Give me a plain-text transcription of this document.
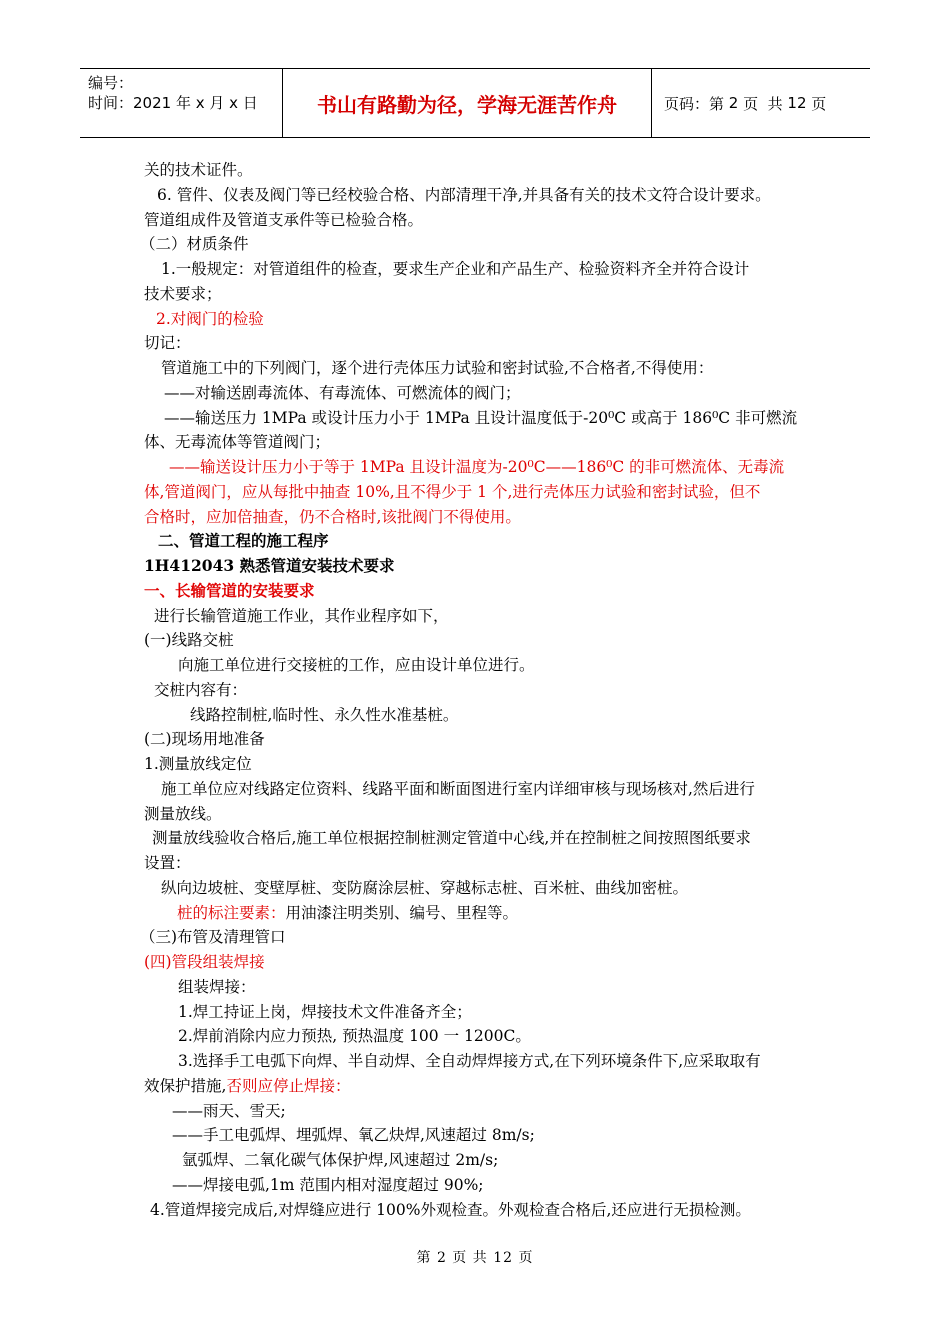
编号：
时间：2021 年 x 月 x 日	书山有路勤为径，学海无涯苦作舟	页码：第 2 页  共 12 页
关的技术证件。
6. 管件、仪表及阀门等已经校验合格、内部清理干净,并具备有关的技术文符合设计要求。
管道组成件及管道支承件等已检验合格。
（二）材质条件
1.一般规定：对管道组件的检查，要求生产企业和产品生产、检验资料齐全并符合设计
技术要求；
2.对阀门的检验
切记：
管道施工中的下列阀门，逐个进行壳体压力试验和密封试验,不合格者,不得使用：
——对输送剧毒流体、有毒流体、可燃流体的阀门；
——输送压力 1MPa 或设计压力小于 1MPa 且设计温度低于-20⁰C 或高于 186⁰C 非可燃流
体、无毒流体等管道阀门；
——输送设计压力小于等于 1MPa 且设计温度为-20⁰C——186⁰C 的非可燃流体、无毒流
体,管道阀门，应从每批中抽查 10%,且不得少于 1 个,进行壳体压力试验和密封试验，但不
合格时，应加倍抽查，仍不合格时,该批阀门不得使用。
二、管道工程的施工程序
1H412043 熟悉管道安装技术要求
一、长输管道的安装要求
进行长输管道施工作业，其作业程序如下，
(一)线路交桩
向施工单位进行交接桩的工作，应由设计单位进行。
交桩内容有：
线路控制桩,临时性、永久性水准基桩。
(二)现场用地准备
1.测量放线定位
施工单位应对线路定位资料、线路平面和断面图进行室内详细审核与现场核对,然后进行
测量放线。
测量放线验收合格后,施工单位根据控制桩测定管道中心线,并在控制桩之间按照图纸要求
设置：
纵向边坡桩、变壁厚桩、变防腐涂层桩、穿越标志桩、百米桩、曲线加密桩。
桩的标注要素：用油漆注明类别、编号、里程等。
（三)布管及清理管口
(四)管段组装焊接
组装焊接：
1.焊工持证上岗，焊接技术文件准备齐全；
2.焊前消除内应力预热, 预热温度 100 一 1200C。
3.选择手工电弧下向焊、半自动焊、全自动焊焊接方式,在下列环境条件下,应采取取有
效保护措施,否则应停止焊接：
——雨天、雪天;
——手工电弧焊、埋弧焊、氧乙炔焊,风速超过 8m/s;
氩弧焊、二氧化碳气体保护焊,风速超过 2m/s;
——焊接电弧,1m 范围内相对湿度超过 90%;
4.管道焊接完成后,对焊缝应进行 100%外观检查。外观检查合格后,还应进行无损检测。
第 2 页 共 12 页
